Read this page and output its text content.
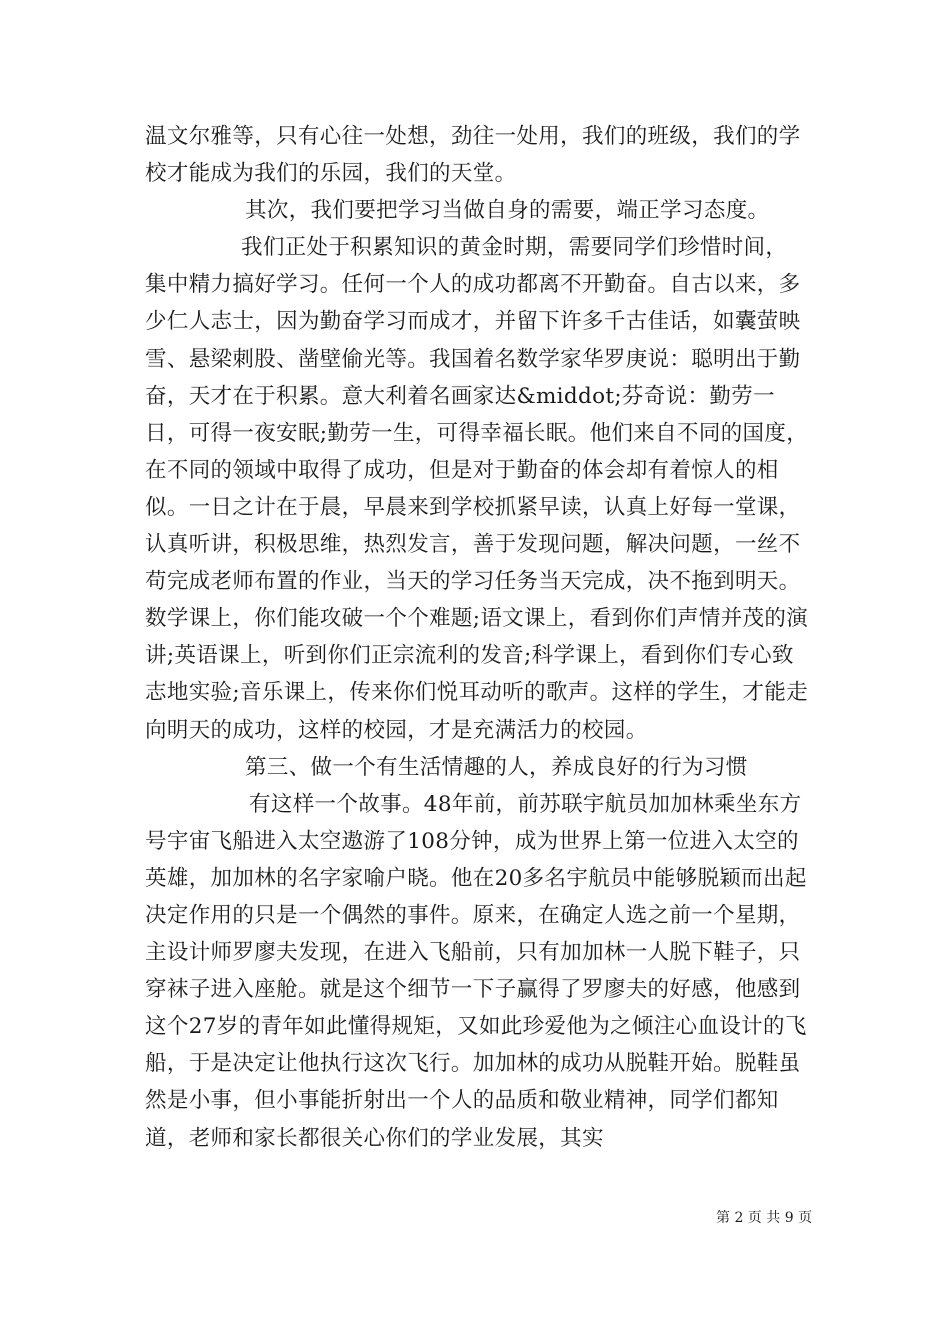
温文尔雅等，只有心往一处想，劲往一处用，我们的班级，我们的学校才能成为我们的乐园，我们的天堂。

其次，我们要把学习当做自身的需要，端正学习态度。

我们正处于积累知识的黄金时期，需要同学们珍惜时间，集中精力搞好学习。任何一个人的成功都离不开勤奋。自古以来，多少仁人志士，因为勤奋学习而成才，并留下许多千古佳话，如囊萤映雪、悬梁刺股、凿壁偷光等。我国着名数学家华罗庚说：聪明出于勤奋，天才在于积累。意大利着名画家达&middot;芬奇说：勤劳一日，可得一夜安眠;勤劳一生，可得幸福长眠。他们来自不同的国度，在不同的领域中取得了成功，但是对于勤奋的体会却有着惊人的相似。一日之计在于晨，早晨来到学校抓紧早读，认真上好每一堂课，认真听讲，积极思维，热烈发言，善于发现问题，解决问题，一丝不苟完成老师布置的作业，当天的学习任务当天完成，决不拖到明天。数学课上，你们能攻破一个个难题;语文课上，看到你们声情并茂的演讲;英语课上，听到你们正宗流利的发音;科学课上，看到你们专心致志地实验;音乐课上，传来你们悦耳动听的歌声。这样的学生，才能走向明天的成功，这样的校园，才是充满活力的校园。

第三、做一个有生活情趣的人，养成良好的行为习惯

有这样一个故事。48年前，前苏联宇航员加加林乘坐东方号宇宙飞船进入太空遨游了108分钟，成为世界上第一位进入太空的英雄，加加林的名字家喻户晓。他在20多名宇航员中能够脱颖而出起决定作用的只是一个偶然的事件。原来，在确定人选之前一个星期，主设计师罗廖夫发现，在进入飞船前，只有加加林一人脱下鞋子，只穿袜子进入座舱。就是这个细节一下子赢得了罗廖夫的好感，他感到这个27岁的青年如此懂得规矩，又如此珍爱他为之倾注心血设计的飞船，于是决定让他执行这次飞行。加加林的成功从脱鞋开始。脱鞋虽然是小事，但小事能折射出一个人的品质和敬业精神，同学们都知道，老师和家长都很关心你们的学业发展，其实

第 2 页 共 9 页
